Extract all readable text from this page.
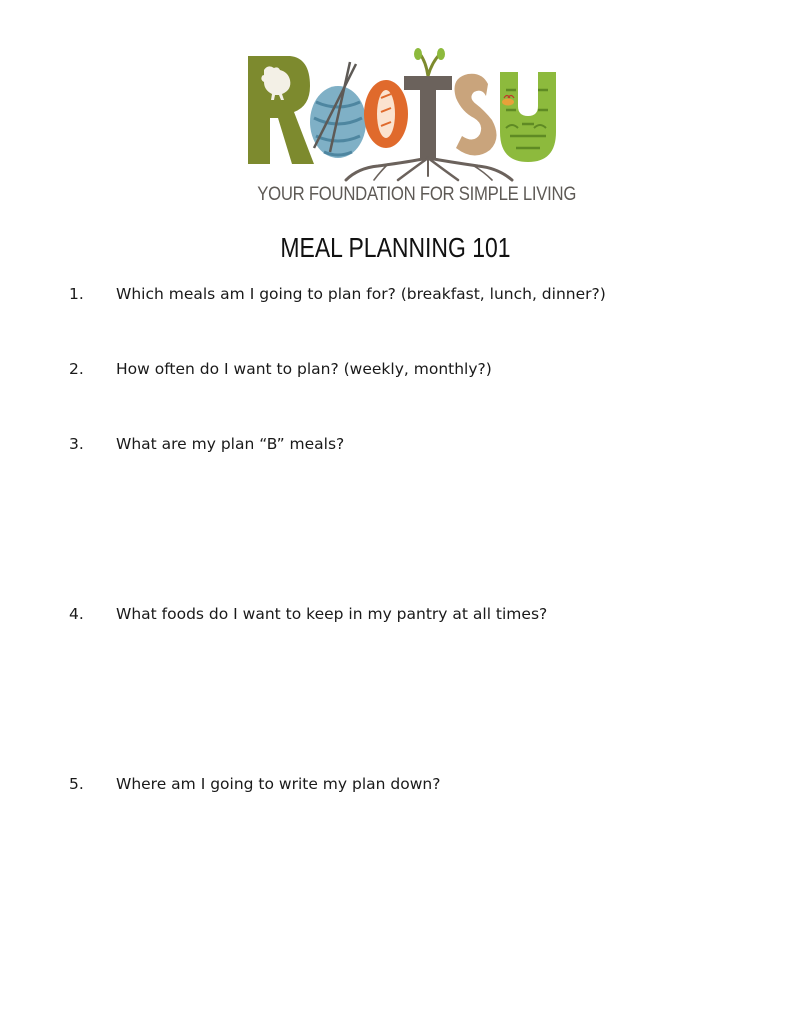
YOUR FOUNDATION FOR SIMPLE LIVING
MEAL PLANNING 101
1. Which meals am I going to plan for? (breakfast, lunch, dinner?)
2. How often do I want to plan? (weekly, monthly?)
3. What are my plan “B” meals?
4. What foods do I want to keep in my pantry at all times?
5. Where am I going to write my plan down?
